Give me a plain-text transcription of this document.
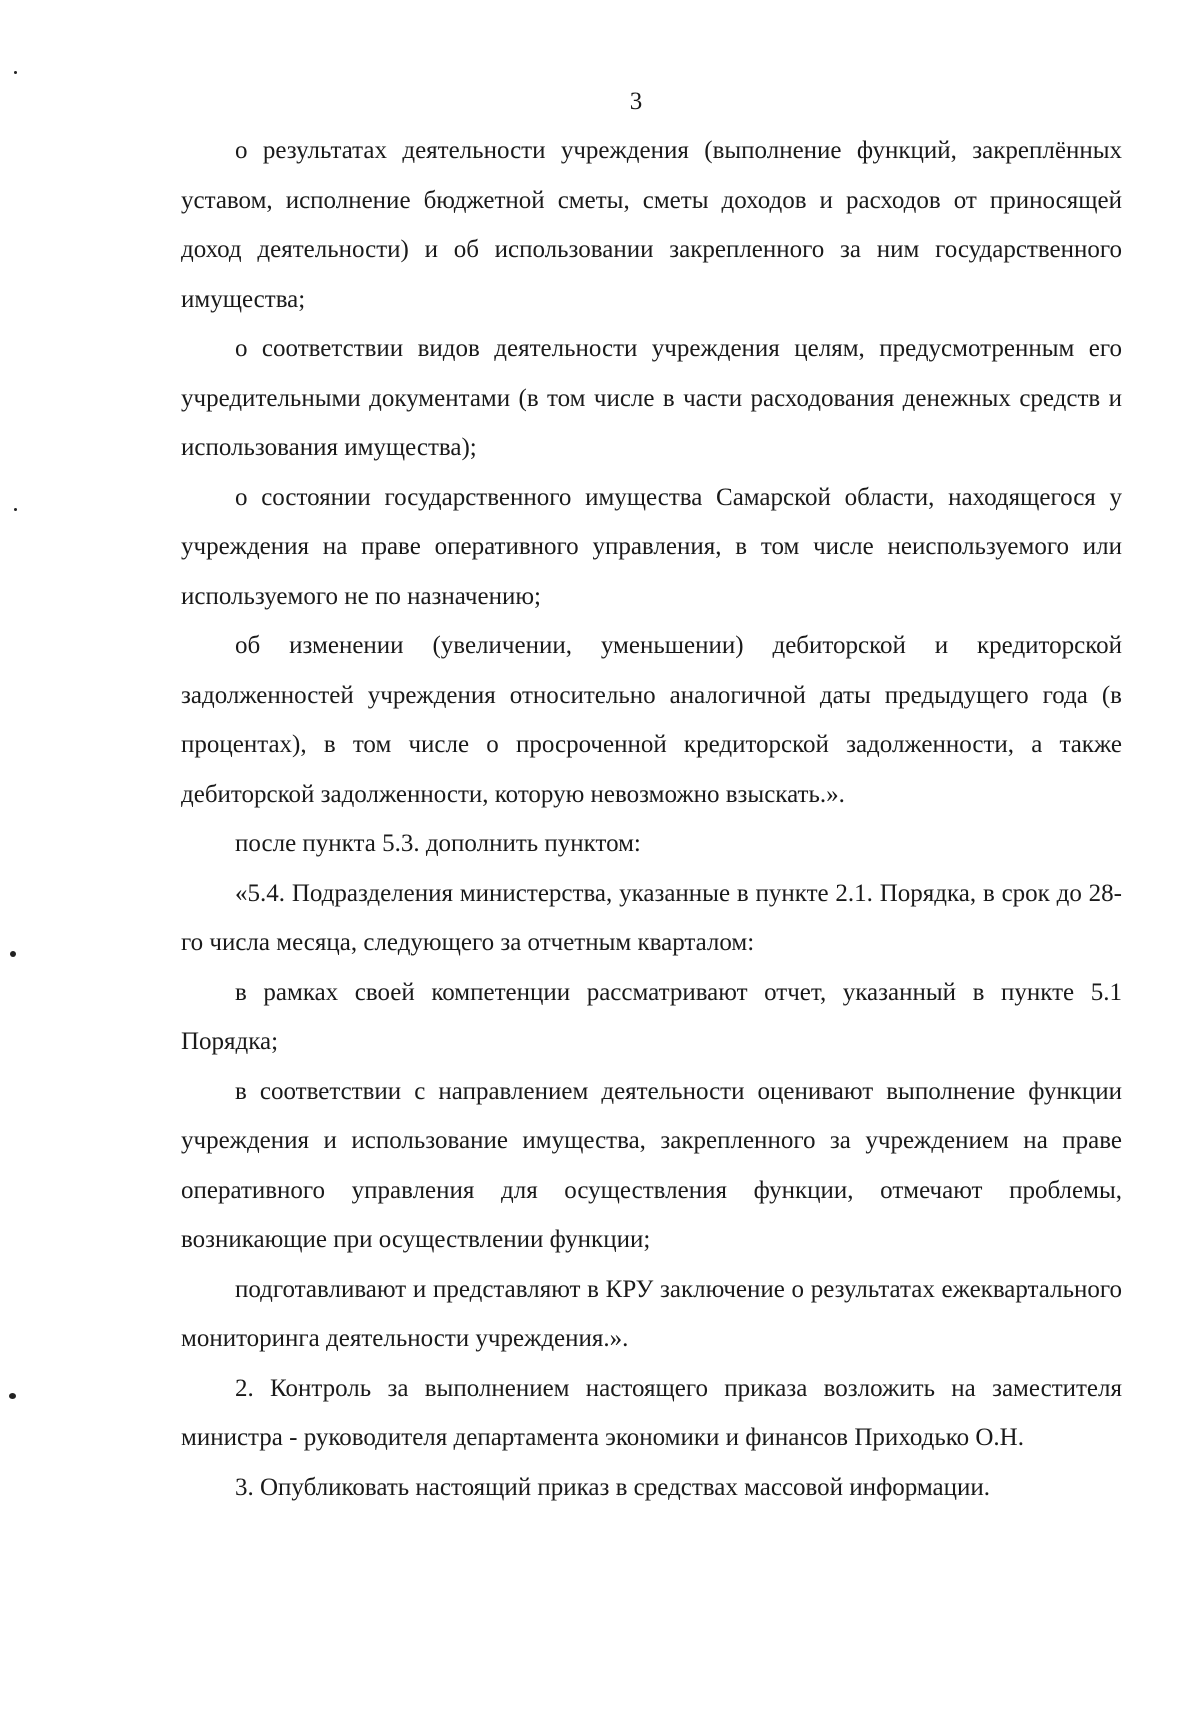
3

о результатах деятельности учреждения (выполнение функций, закреплённых уставом, исполнение бюджетной сметы, сметы доходов и расходов от приносящей доход деятельности) и об использовании закрепленного за ним государственного имущества;

о соответствии видов деятельности учреждения целям, предусмотренным его учредительными документами (в том числе в части расходования денежных средств и использования имущества);

о состоянии государственного имущества Самарской области, находящегося у учреждения на праве оперативного управления, в том числе неиспользуемого или используемого не по назначению;

об изменении (увеличении, уменьшении) дебиторской и кредиторской задолженностей учреждения относительно аналогичной даты предыдущего года (в процентах), в том числе о просроченной кредиторской задолженности, а также дебиторской задолженности, которую невозможно взыскать.».

после пункта 5.3. дополнить пунктом:

«5.4. Подразделения министерства, указанные в пункте 2.1. Порядка, в срок до 28-го числа месяца, следующего за отчетным кварталом:

в рамках своей компетенции рассматривают отчет, указанный в пункте 5.1 Порядка;

в соответствии с направлением деятельности оценивают выполнение функции учреждения и использование имущества, закрепленного за учреждением на праве оперативного управления для осуществления функции, отмечают проблемы, возникающие при осуществлении функции;

подготавливают и представляют в КРУ заключение о результатах ежеквартального мониторинга деятельности учреждения.».

2. Контроль за выполнением настоящего приказа возложить на заместителя министра - руководителя департамента экономики и финансов Приходько О.Н.

3. Опубликовать настоящий приказ в средствах массовой информации.
